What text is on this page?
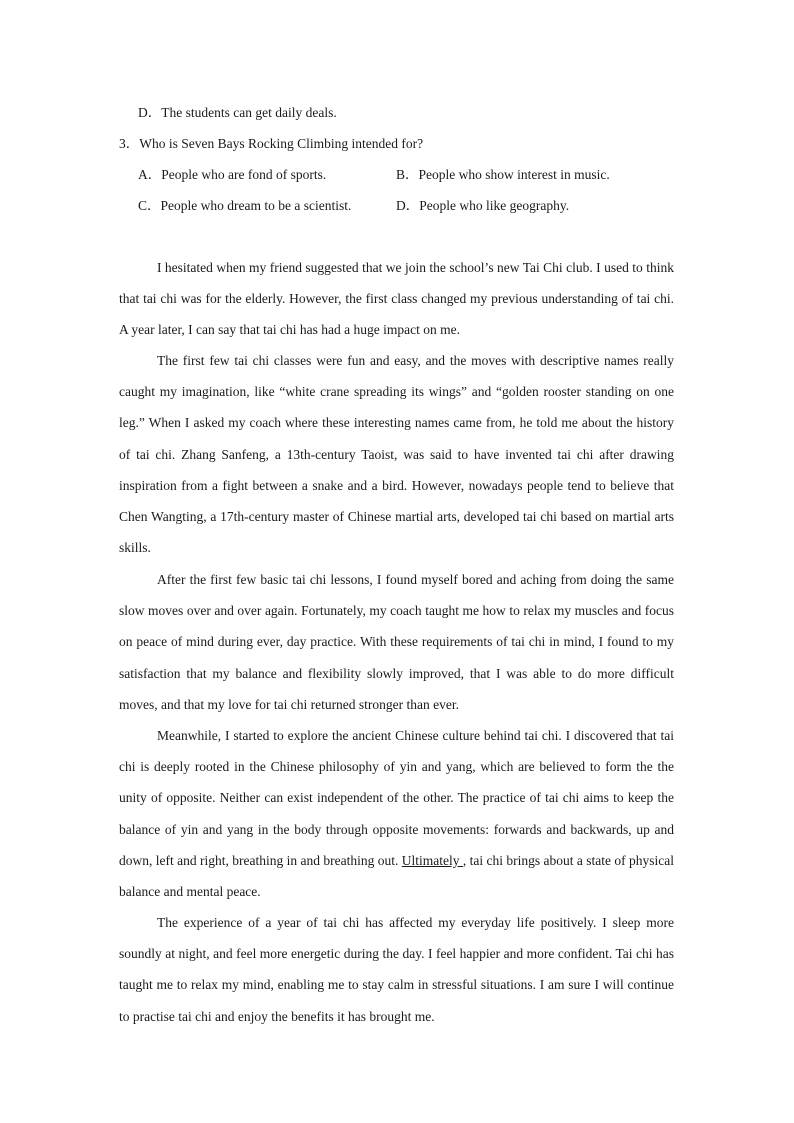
D．The students can get daily deals.
3．Who is Seven Bays Rocking Climbing intended for?
A．People who are fond of sports.	B．People who show interest in music.
C．People who dream to be a scientist.	D．People who like geography.

I hesitated when my friend suggested that we join the school’s new Tai Chi club. I used to think that tai chi was for the elderly. However, the first class changed my previous understanding of tai chi. A year later, I can say that tai chi has had a huge impact on me.

The first few tai chi classes were fun and easy, and the moves with descriptive names really caught my imagination, like “white crane spreading its wings” and “golden rooster standing on one leg.” When I asked my coach where these interesting names came from, he told me about the history of tai chi. Zhang Sanfeng, a 13th-century Taoist, was said to have invented tai chi after drawing inspiration from a fight between a snake and a bird. However, nowadays people tend to believe that Chen Wangting, a 17th-century master of Chinese martial arts, developed tai chi based on martial arts skills.

After the first few basic tai chi lessons, I found myself bored and aching from doing the same slow moves over and over again. Fortunately, my coach taught me how to relax my muscles and focus on peace of mind during ever, day practice. With these requirements of tai chi in mind, I found to my satisfaction that my balance and flexibility slowly improved, that I was able to do more difficult moves, and that my love for tai chi returned stronger than ever.

Meanwhile, I started to explore the ancient Chinese culture behind tai chi. I discovered that tai chi is deeply rooted in the Chinese philosophy of yin and yang, which are believed to form the the unity of opposite. Neither can exist independent of the other. The practice of tai chi aims to keep the balance of yin and yang in the body through opposite movements: forwards and backwards, up and down, left and right, breathing in and breathing out. Ultimately , tai chi brings about a state of physical balance and mental peace.

The experience of a year of tai chi has affected my everyday life positively. I sleep more soundly at night, and feel more energetic during the day. I feel happier and more confident. Tai chi has taught me to relax my mind, enabling me to stay calm in stressful situations. I am sure I will continue to practise tai chi and enjoy the benefits it has brought me.
